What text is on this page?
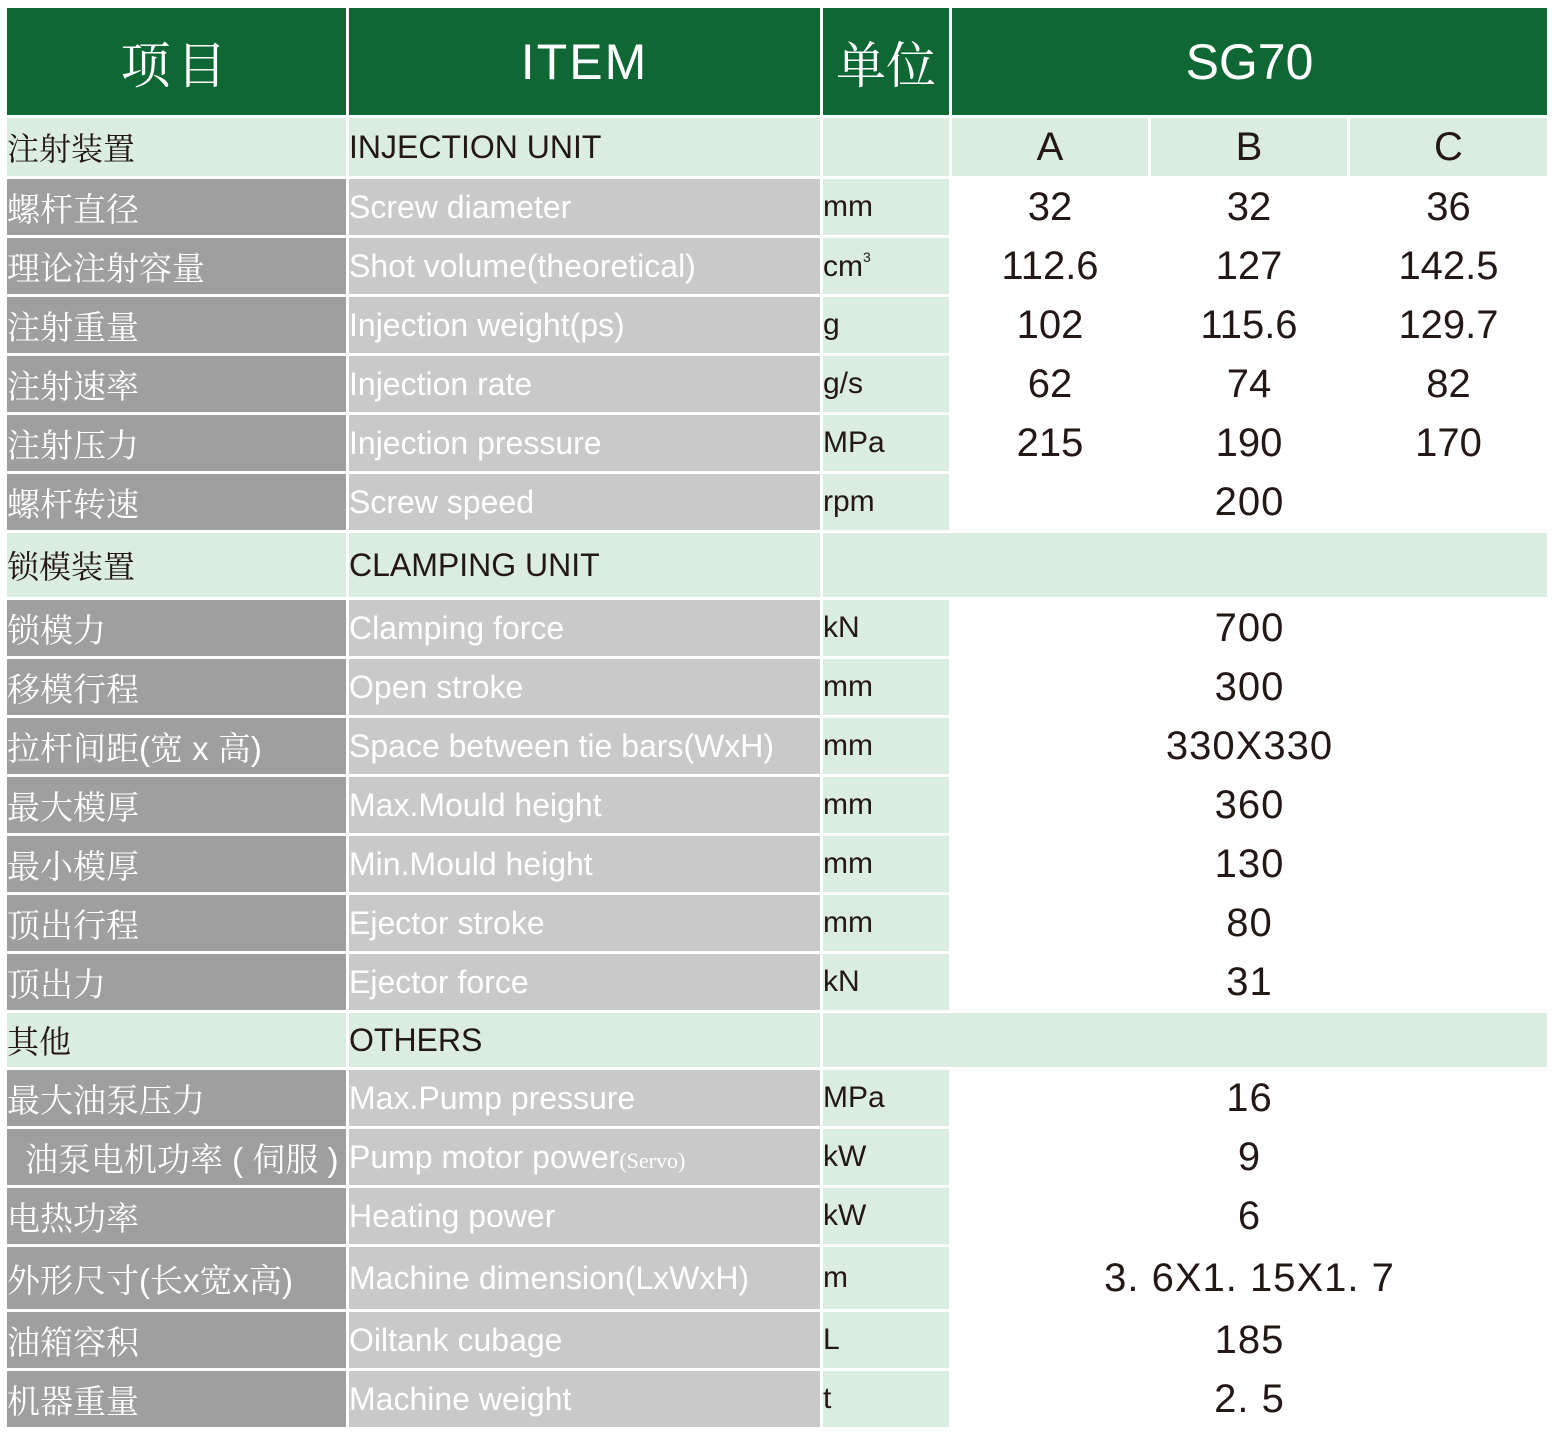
项目	ITEM	单位	SG70		
注射装置	INJECTION UNIT		A	B	C
螺杆直径	Screw diameter	mm	32	32	36
理论注射容量	Shot volume(theoretical)	$cm^3$	112.6	127	142.5
注射重量	Injection weight(ps)	g	102	115.6	129.7
注射速率	Injection rate	g/s	62	74	82
注射压力	Injection pressure	MPa	215	190	170
螺杆转速	Screw speed	rpm	200		
锁模装置	CLAMPING UNIT				
锁模力	Clamping force	kN	700		
移模行程	Open stroke	mm	300		
拉杆间距(宽 x 高)	Space between tie bars(WxH)	mm	330X330		
最大模厚	Max.Mould height	mm	360		
最小模厚	Min.Mould height	mm	130		
顶出行程	Ejector stroke	mm	80		
顶出力	Ejector force	kN	31		
其他	OTHERS				
最大油泵压力	Max.Pump pressure	MPa	16		
油泵电机功率 ( 伺服 )	Pump motor power(Servo)	kW	9		
电热功率	Heating power	kW	6		
外形尺寸(长x宽x高)	Machine dimension(LxWxH)	m	3. 6X1. 15X1. 7		
油箱容积	Oiltank cubage	L	185		
机器重量	Machine weight	t	2. 5		
